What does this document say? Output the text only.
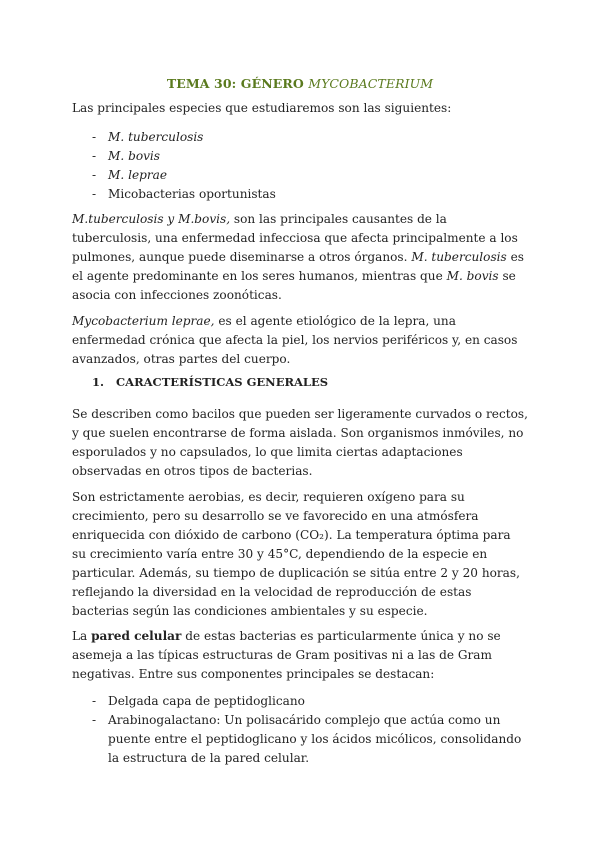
TEMA 30: GÉNERO MYCOBACTERIUM

Las principales especies que estudiaremos son las siguientes:

- M. tuberculosis
- M. bovis
- M. leprae
- Micobacterias oportunistas

M.tuberculosis y M.bovis, son las principales causantes de la tuberculosis, una enfermedad infecciosa que afecta principalmente a los pulmones, aunque puede diseminarse a otros órganos. M. tuberculosis es el agente predominante en los seres humanos, mientras que M. bovis se asocia con infecciones zoonóticas.

Mycobacterium leprae, es el agente etiológico de la lepra, una enfermedad crónica que afecta la piel, los nervios periféricos y, en casos avanzados, otras partes del cuerpo.

1. CARACTERÍSTICAS GENERALES

Se describen como bacilos que pueden ser ligeramente curvados o rectos, y que suelen encontrarse de forma aislada. Son organismos inmóviles, no esporulados y no capsulados, lo que limita ciertas adaptaciones observadas en otros tipos de bacterias.

Son estrictamente aerobias, es decir, requieren oxígeno para su crecimiento, pero su desarrollo se ve favorecido en una atmósfera enriquecida con dióxido de carbono (CO₂). La temperatura óptima para su crecimiento varía entre 30 y 45°C, dependiendo de la especie en particular. Además, su tiempo de duplicación se sitúa entre 2 y 20 horas, reflejando la diversidad en la velocidad de reproducción de estas bacterias según las condiciones ambientales y su especie.

La pared celular de estas bacterias es particularmente única y no se asemeja a las típicas estructuras de Gram positivas ni a las de Gram negativas. Entre sus componentes principales se destacan:

- Delgada capa de peptidoglicano
- Arabinogalactano: Un polisacárido complejo que actúa como un puente entre el peptidoglicano y los ácidos micólicos, consolidando la estructura de la pared celular.
